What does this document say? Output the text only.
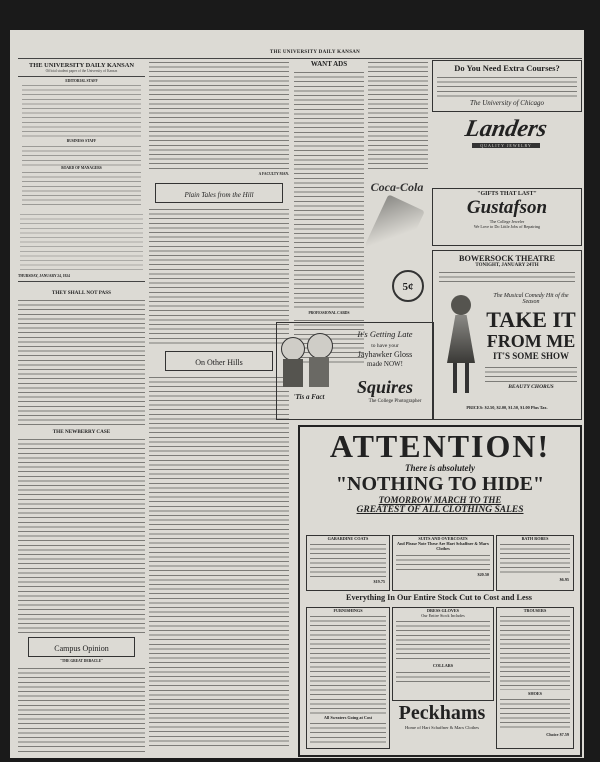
THE UNIVERSITY DAILY KANSAN
THE UNIVERSITY DAILY KANSAN
Official student paper of the University of Kansas
EDITORIAL STAFF
BUSINESS STAFF
BOARD OF MANAGERS
THURSDAY, JANUARY 24, 1924
THEY SHALL NOT PASS
THE NEWBERRY CASE
Campus Opinion
"THE GREAT DEBACLE"
A FACULTY MAN.
Plain Tales from the Hill
On Other Hills
WANT ADS
PROFESSIONAL CARDS
Coca-Cola
5¢
Do You Need Extra Courses?
The University of Chicago
Landers
QUALITY JEWELRY
"GIFTS THAT LAST"
Gustafson
The College Jeweler
We Love to Do Little Jobs of Repairing
BOWERSOCK THEATRE
TONIGHT, JANUARY 24TH
The Musical Comedy Hit of the Season
TAKE IT
FROM ME
IT'S SOME SHOW
BEAUTY CHORUS
PRICES: $2.50, $2.00, $1.50, $1.00 Plus Tax.
'Tis a Fact
It's Getting Late
to have your
Jayhawker Gloss
made NOW!
Squires
The College Photographer
ATTENTION!
There is absolutely
"NOTHING TO HIDE"
TOMORROW MARCH TO THE
GREATEST OF ALL CLOTHING SALES
GABARDINE COATS
$19.75
SUITS AND OVERCOATS
And Please Note These Are Hart Schaffner & Marx Clothes
$20.50
BATH ROBES
$6.95
Everything In Our Entire Stock Cut to Cost and Less
FURNISHINGS
All Sweaters Going at Cost
DRESS GLOVES
Our Entire Stock Includes
COLLARS
Peckhams
Home of Hart Schaffner & Marx Clothes
TROUSERS
SHOES
Choice $7.59
